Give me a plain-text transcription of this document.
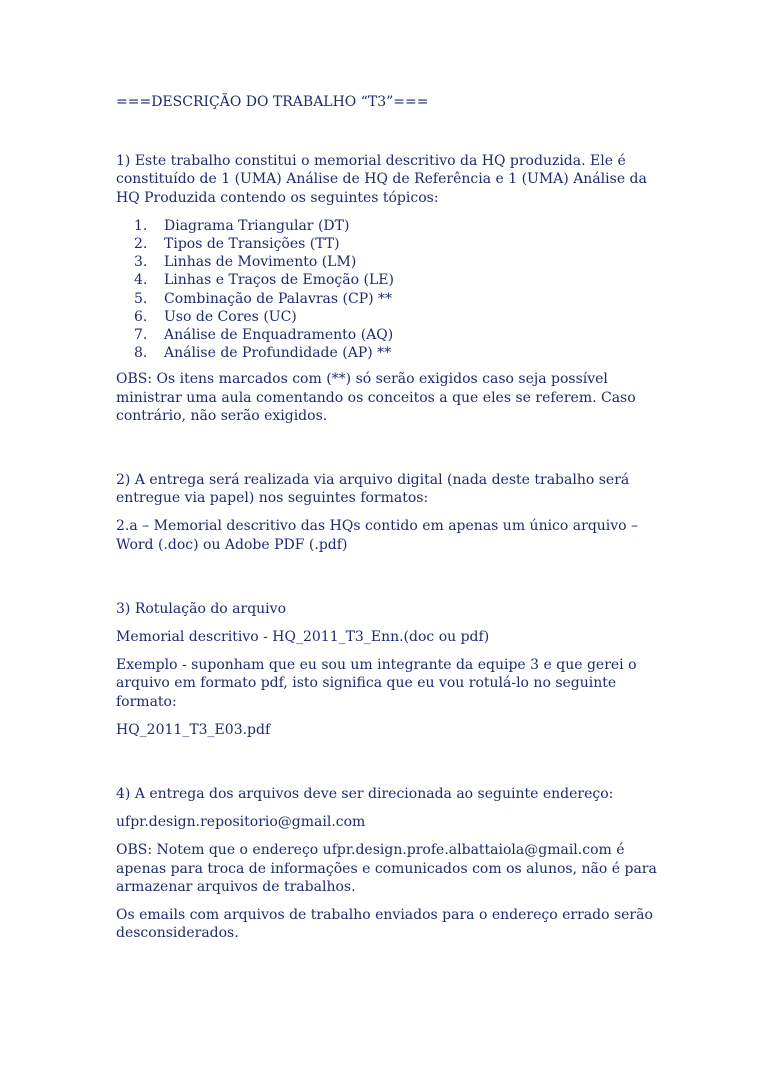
===DESCRIÇÃO DO TRABALHO “T3”===

1) Este trabalho constitui o memorial descritivo da HQ produzida. Ele é constituído de 1 (UMA) Análise de HQ de Referência e 1 (UMA) Análise da HQ Produzida contendo os seguintes tópicos:

1.	Diagrama Triangular (DT)
2.	Tipos de Transições (TT)
3.	Linhas de Movimento (LM)
4.	Linhas e Traços de Emoção (LE)
5.	Combinação de Palavras (CP) **
6.	Uso de Cores (UC)
7.	Análise de Enquadramento (AQ)
8.	Análise de Profundidade (AP) **

OBS: Os itens marcados com (**) só serão exigidos caso seja possível ministrar uma aula comentando os conceitos a que eles se referem. Caso contrário, não serão exigidos.

2) A entrega será realizada via arquivo digital (nada deste trabalho será entregue via papel) nos seguintes formatos:

2.a – Memorial descritivo das HQs contido em apenas um único arquivo – Word (.doc) ou Adobe PDF (.pdf)

3) Rotulação do arquivo

Memorial descritivo - HQ_2011_T3_Enn.(doc ou pdf)

Exemplo - suponham que eu sou um integrante da equipe 3 e que gerei o arquivo em formato pdf, isto significa que eu vou rotulá-lo no seguinte formato:

HQ_2011_T3_E03.pdf

4) A entrega dos arquivos deve ser direcionada ao seguinte endereço:

ufpr.design.repositorio@gmail.com

OBS: Notem que o endereço ufpr.design.profe.albattaiola@gmail.com é apenas para troca de informações e comunicados com os alunos, não é para armazenar arquivos de trabalhos.

Os emails com arquivos de trabalho enviados para o endereço errado serão desconsiderados.
